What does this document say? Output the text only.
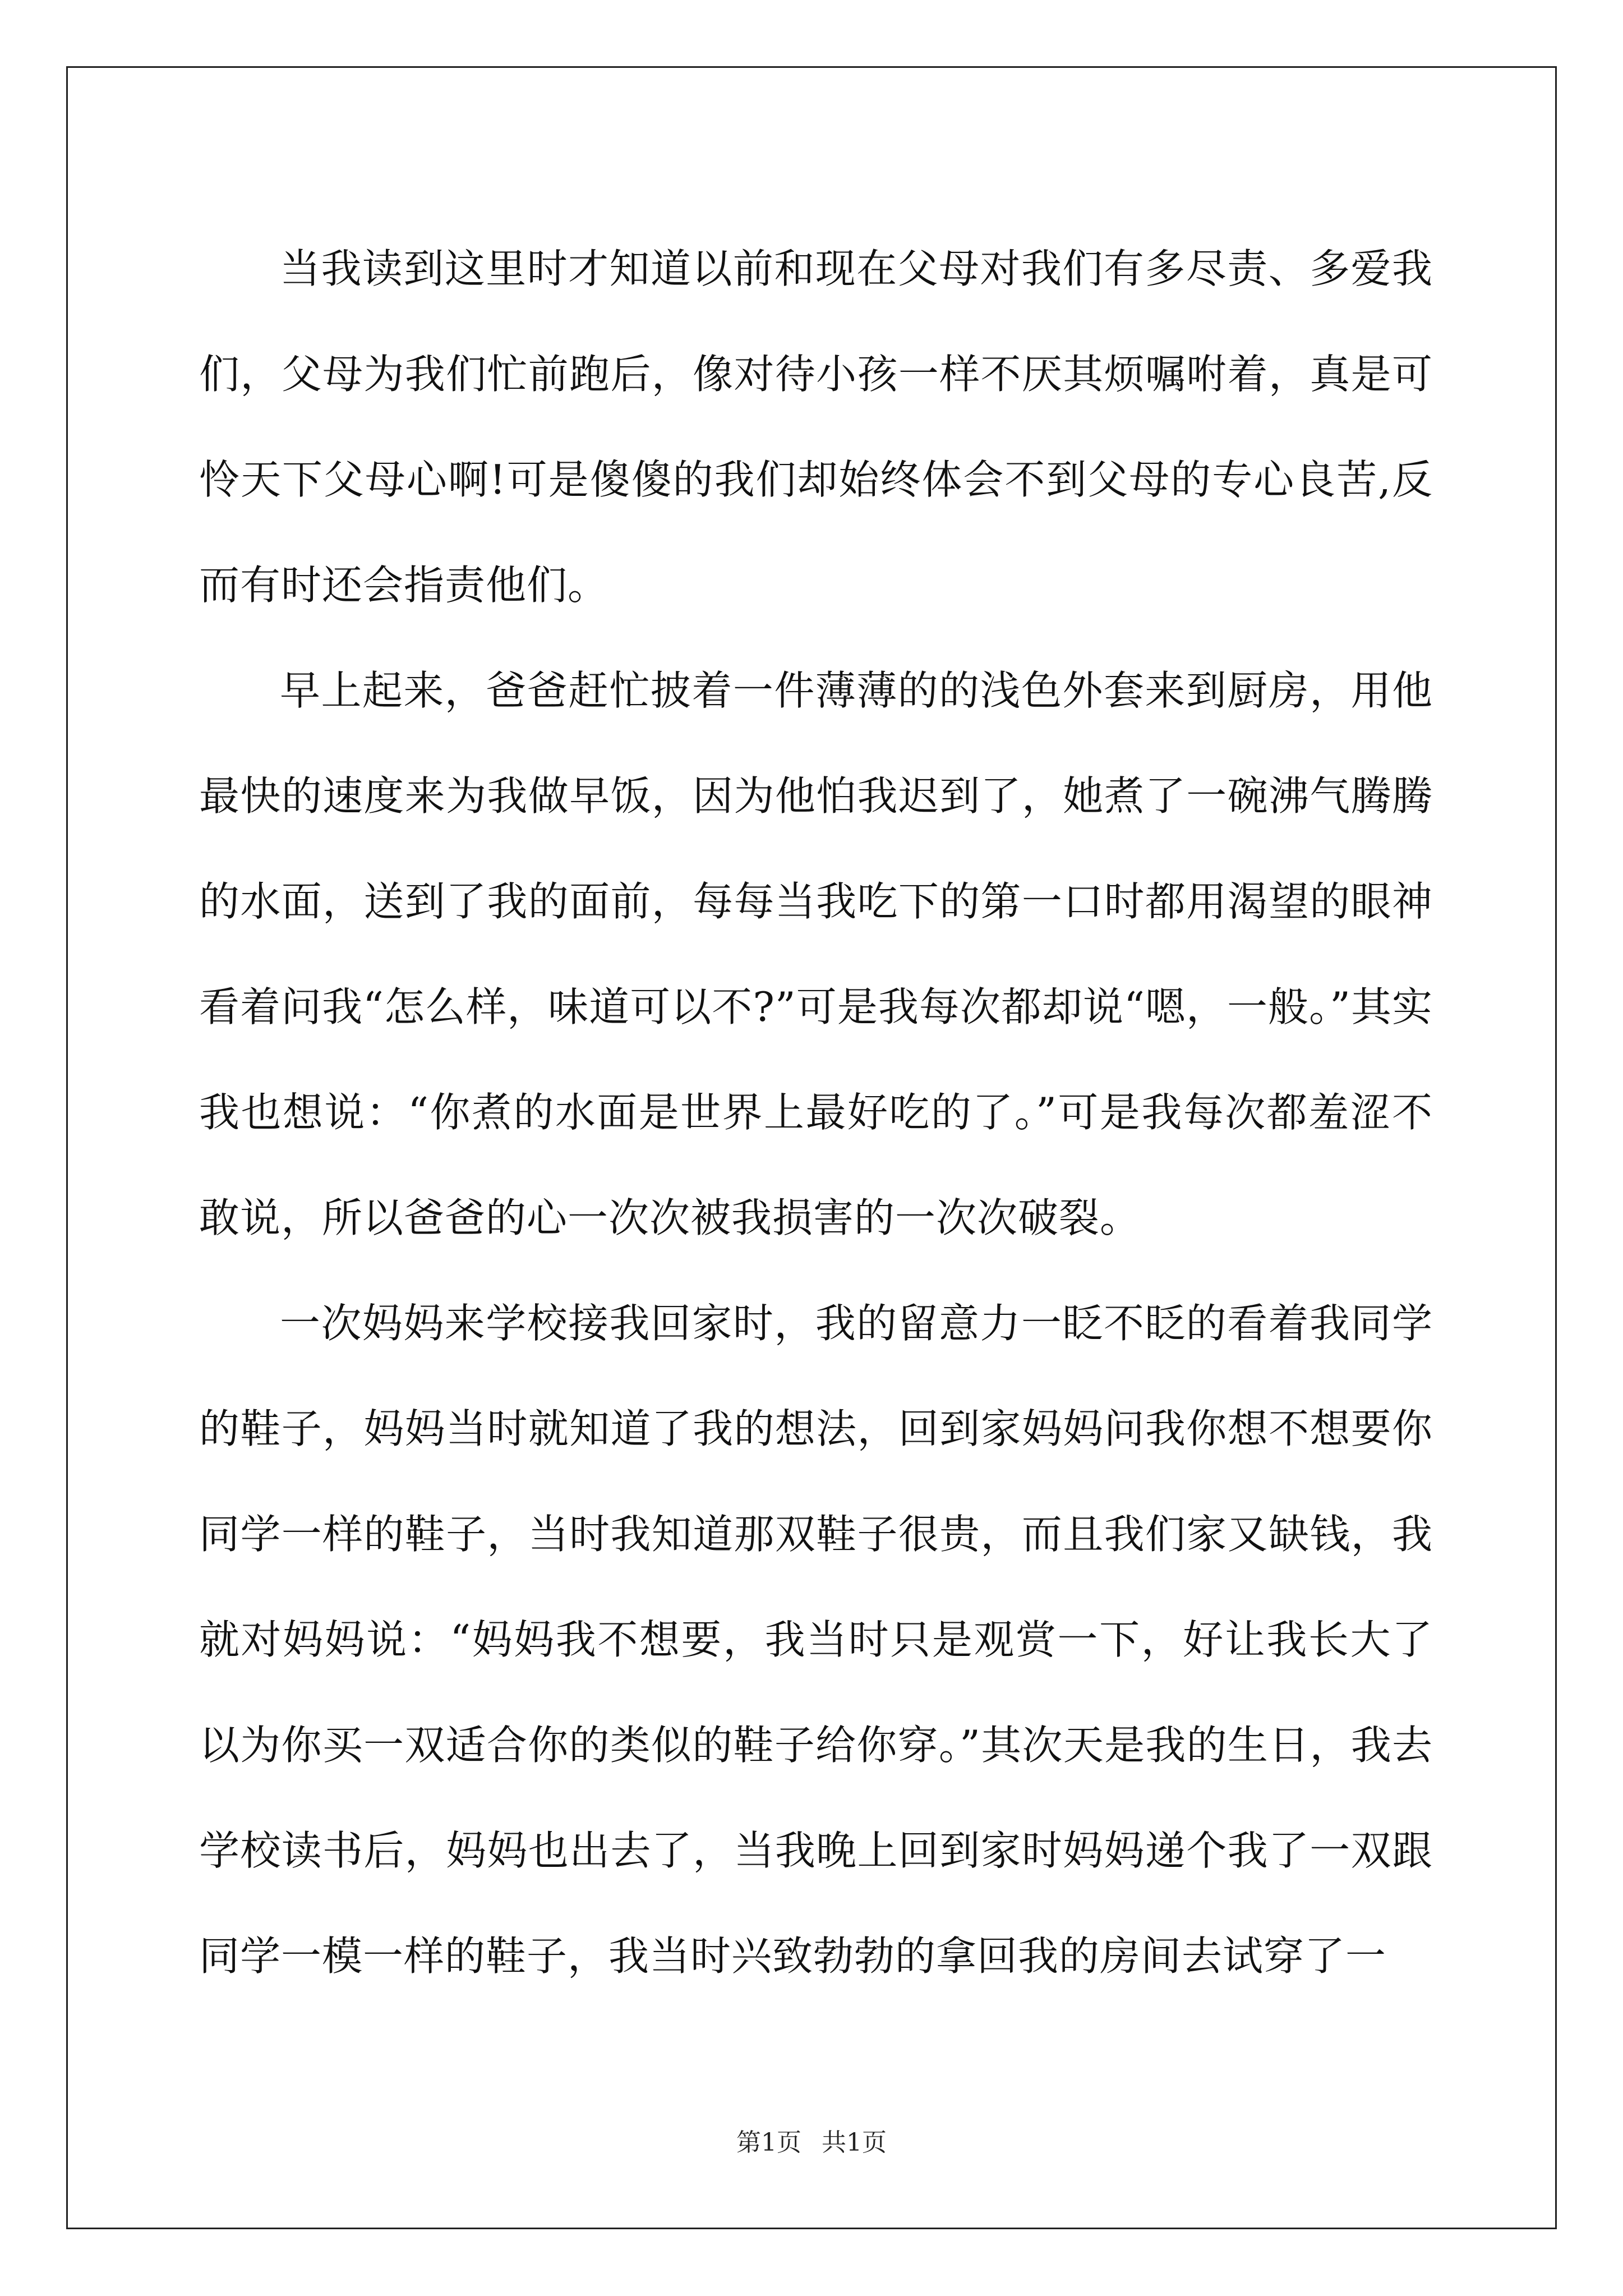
当我读到这里时才知道以前和现在父母对我们有多尽责、多爱我们，父母为我们忙前跑后，像对待小孩一样不厌其烦嘱咐着，真是可怜天下父母心啊!可是傻傻的我们却始终体会不到父母的专心良苦,反而有时还会指责他们。

早上起来，爸爸赶忙披着一件薄薄的的浅色外套来到厨房，用他最快的速度来为我做早饭，因为他怕我迟到了，她煮了一碗沸气腾腾的水面，送到了我的面前，每每当我吃下的第一口时都用渴望的眼神看着问我“怎么样，味道可以不?”可是我每次都却说“嗯，一般。”其实我也想说：“你煮的水面是世界上最好吃的了。”可是我每次都羞涩不敢说，所以爸爸的心一次次被我损害的一次次破裂。

一次妈妈来学校接我回家时，我的留意力一眨不眨的看着我同学的鞋子，妈妈当时就知道了我的想法，回到家妈妈问我你想不想要你同学一样的鞋子，当时我知道那双鞋子很贵，而且我们家又缺钱，我就对妈妈说：“妈妈我不想要，我当时只是观赏一下，好让我长大了以为你买一双适合你的类似的鞋子给你穿。”其次天是我的生日，我去学校读书后，妈妈也出去了，当我晚上回到家时妈妈递个我了一双跟同学一模一样的鞋子，我当时兴致勃勃的拿回我的房间去试穿了一

第1页 共1页
